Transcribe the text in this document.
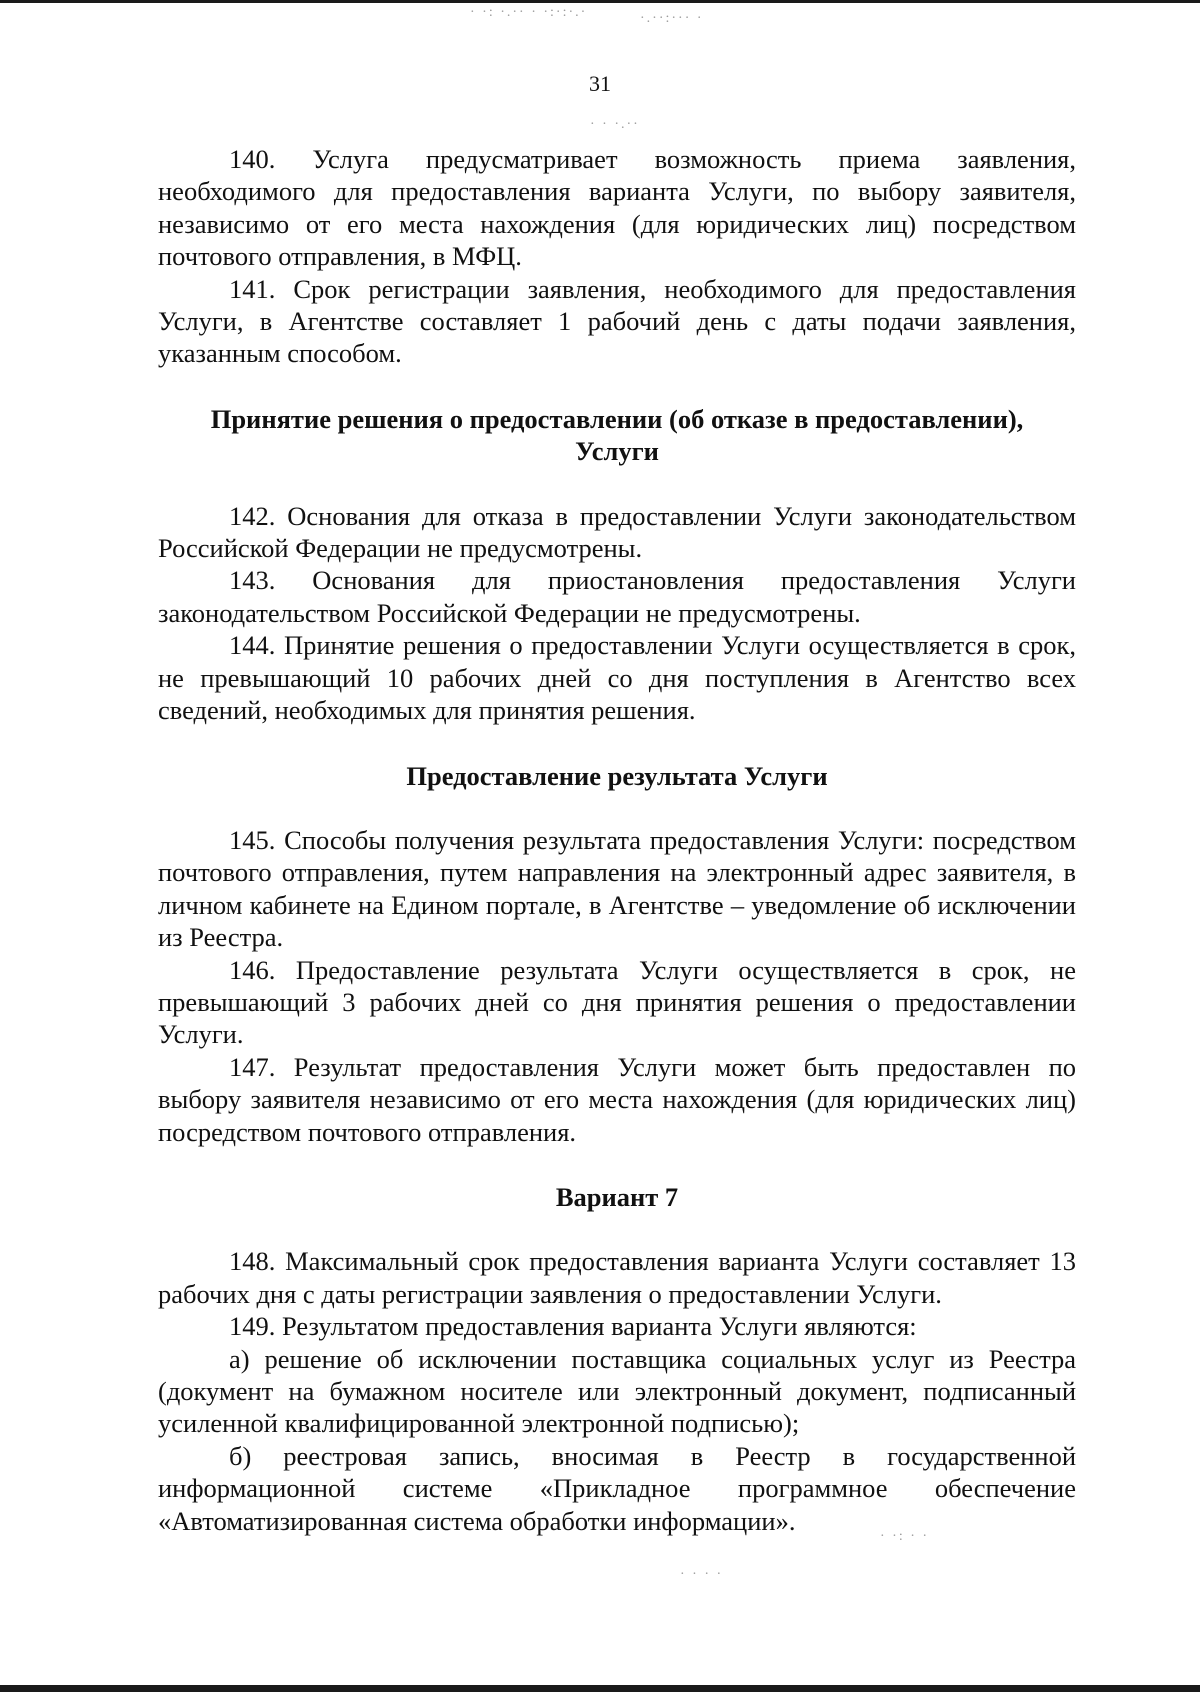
· ·: ·.·· · ·:·:·.·	·.··:··· ·
· · ·.··
· ·: · ·
· · · ·
31

140. Услуга предусматривает возможность приема заявления, необходимого для предоставления варианта Услуги, по выбору заявителя, независимо от его места нахождения (для юридических лиц) посредством почтового отправления, в МФЦ.

141. Срок регистрации заявления, необходимого для предоставления Услуги, в Агентстве составляет 1 рабочий день с даты подачи заявления, указанным способом.

Принятие решения о предоставлении (об отказе в предоставлении),
Услуги

142. Основания для отказа в предоставлении Услуги законодательством Российской Федерации не предусмотрены.

143. Основания для приостановления предоставления Услуги законодательством Российской Федерации не предусмотрены.

144. Принятие решения о предоставлении Услуги осуществляется в срок, не превышающий 10 рабочих дней со дня поступления в Агентство всех сведений, необходимых для принятия решения.

Предоставление результата Услуги

145. Способы получения результата предоставления Услуги: посредством почтового отправления, путем направления на электронный адрес заявителя, в личном кабинете на Едином портале, в Агентстве – уведомление об исключении из Реестра.

146. Предоставление результата Услуги осуществляется в срок, не превышающий 3 рабочих дней со дня принятия решения о предоставлении Услуги.

147. Результат предоставления Услуги может быть предоставлен по выбору заявителя независимо от его места нахождения (для юридических лиц) посредством почтового отправления.

Вариант 7

148. Максимальный срок предоставления варианта Услуги составляет 13 рабочих дня с даты регистрации заявления о предоставлении Услуги.

149. Результатом предоставления варианта Услуги являются:

а) решение об исключении поставщика социальных услуг из Реестра (документ на бумажном носителе или электронный документ, подписанный усиленной квалифицированной электронной подписью);

б) реестровая запись, вносимая в Реестр в государственной информационной системе «Прикладное программное обеспечение «Автоматизированная система обработки информации».
